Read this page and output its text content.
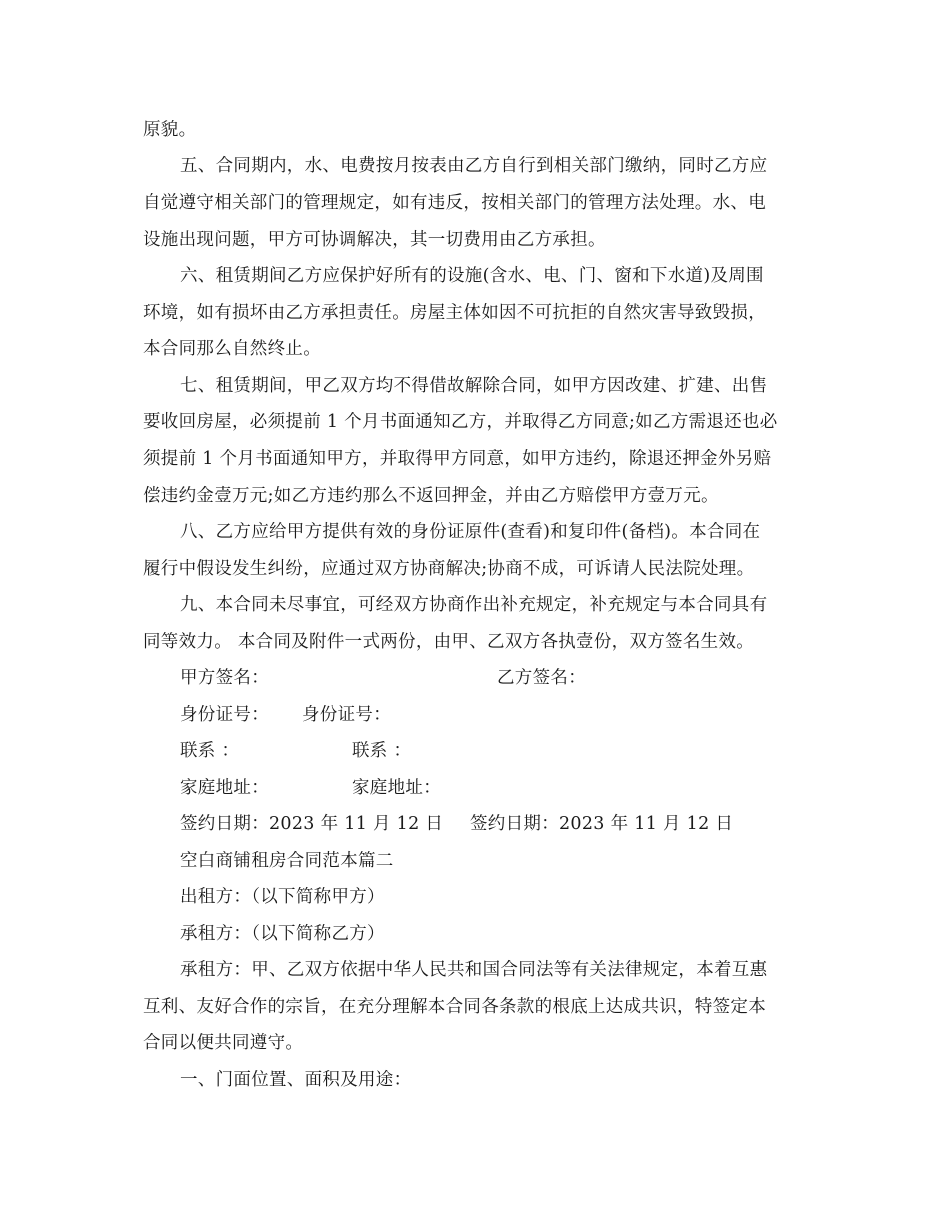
原貌。
五、合同期内，水、电费按月按表由乙方自行到相关部门缴纳，同时乙方应
自觉遵守相关部门的管理规定，如有违反，按相关部门的管理方法处理。水、电
设施出现问题，甲方可协调解决，其一切费用由乙方承担。
六、租赁期间乙方应保护好所有的设施(含水、电、门、窗和下水道)及周围
环境，如有损坏由乙方承担责任。房屋主体如因不可抗拒的自然灾害导致毁损，
本合同那么自然终止。
七、租赁期间，甲乙双方均不得借故解除合同，如甲方因改建、扩建、出售
要收回房屋，必须提前 1 个月书面通知乙方，并取得乙方同意;如乙方需退还也必
须提前 1 个月书面通知甲方，并取得甲方同意，如甲方违约，除退还押金外另赔
偿违约金壹万元;如乙方违约那么不返回押金，并由乙方赔偿甲方壹万元。
八、乙方应给甲方提供有效的身份证原件(查看)和复印件(备档)。本合同在
履行中假设发生纠纷，应通过双方协商解决;协商不成，可诉请人民法院处理。
九、本合同未尽事宜，可经双方协商作出补充规定，补充规定与本合同具有
同等效力。 本合同及附件一式两份，由甲、乙双方各执壹份，双方签名生效。
甲方签名：	乙方签名：
身份证号： 身份证号：
联系 ：	联系 ：
家庭地址：	家庭地址：
签约日期：2023 年 11 月 12 日 签约日期：2023 年 11 月 12 日
空白商铺租房合同范本篇二
出租方：（以下简称甲方）
承租方：（以下简称乙方）
承租方：甲、乙双方依据中华人民共和国合同法等有关法律规定，本着互惠
互利、友好合作的宗旨，在充分理解本合同各条款的根底上达成共识，特签定本
合同以便共同遵守。
一、门面位置、面积及用途：
